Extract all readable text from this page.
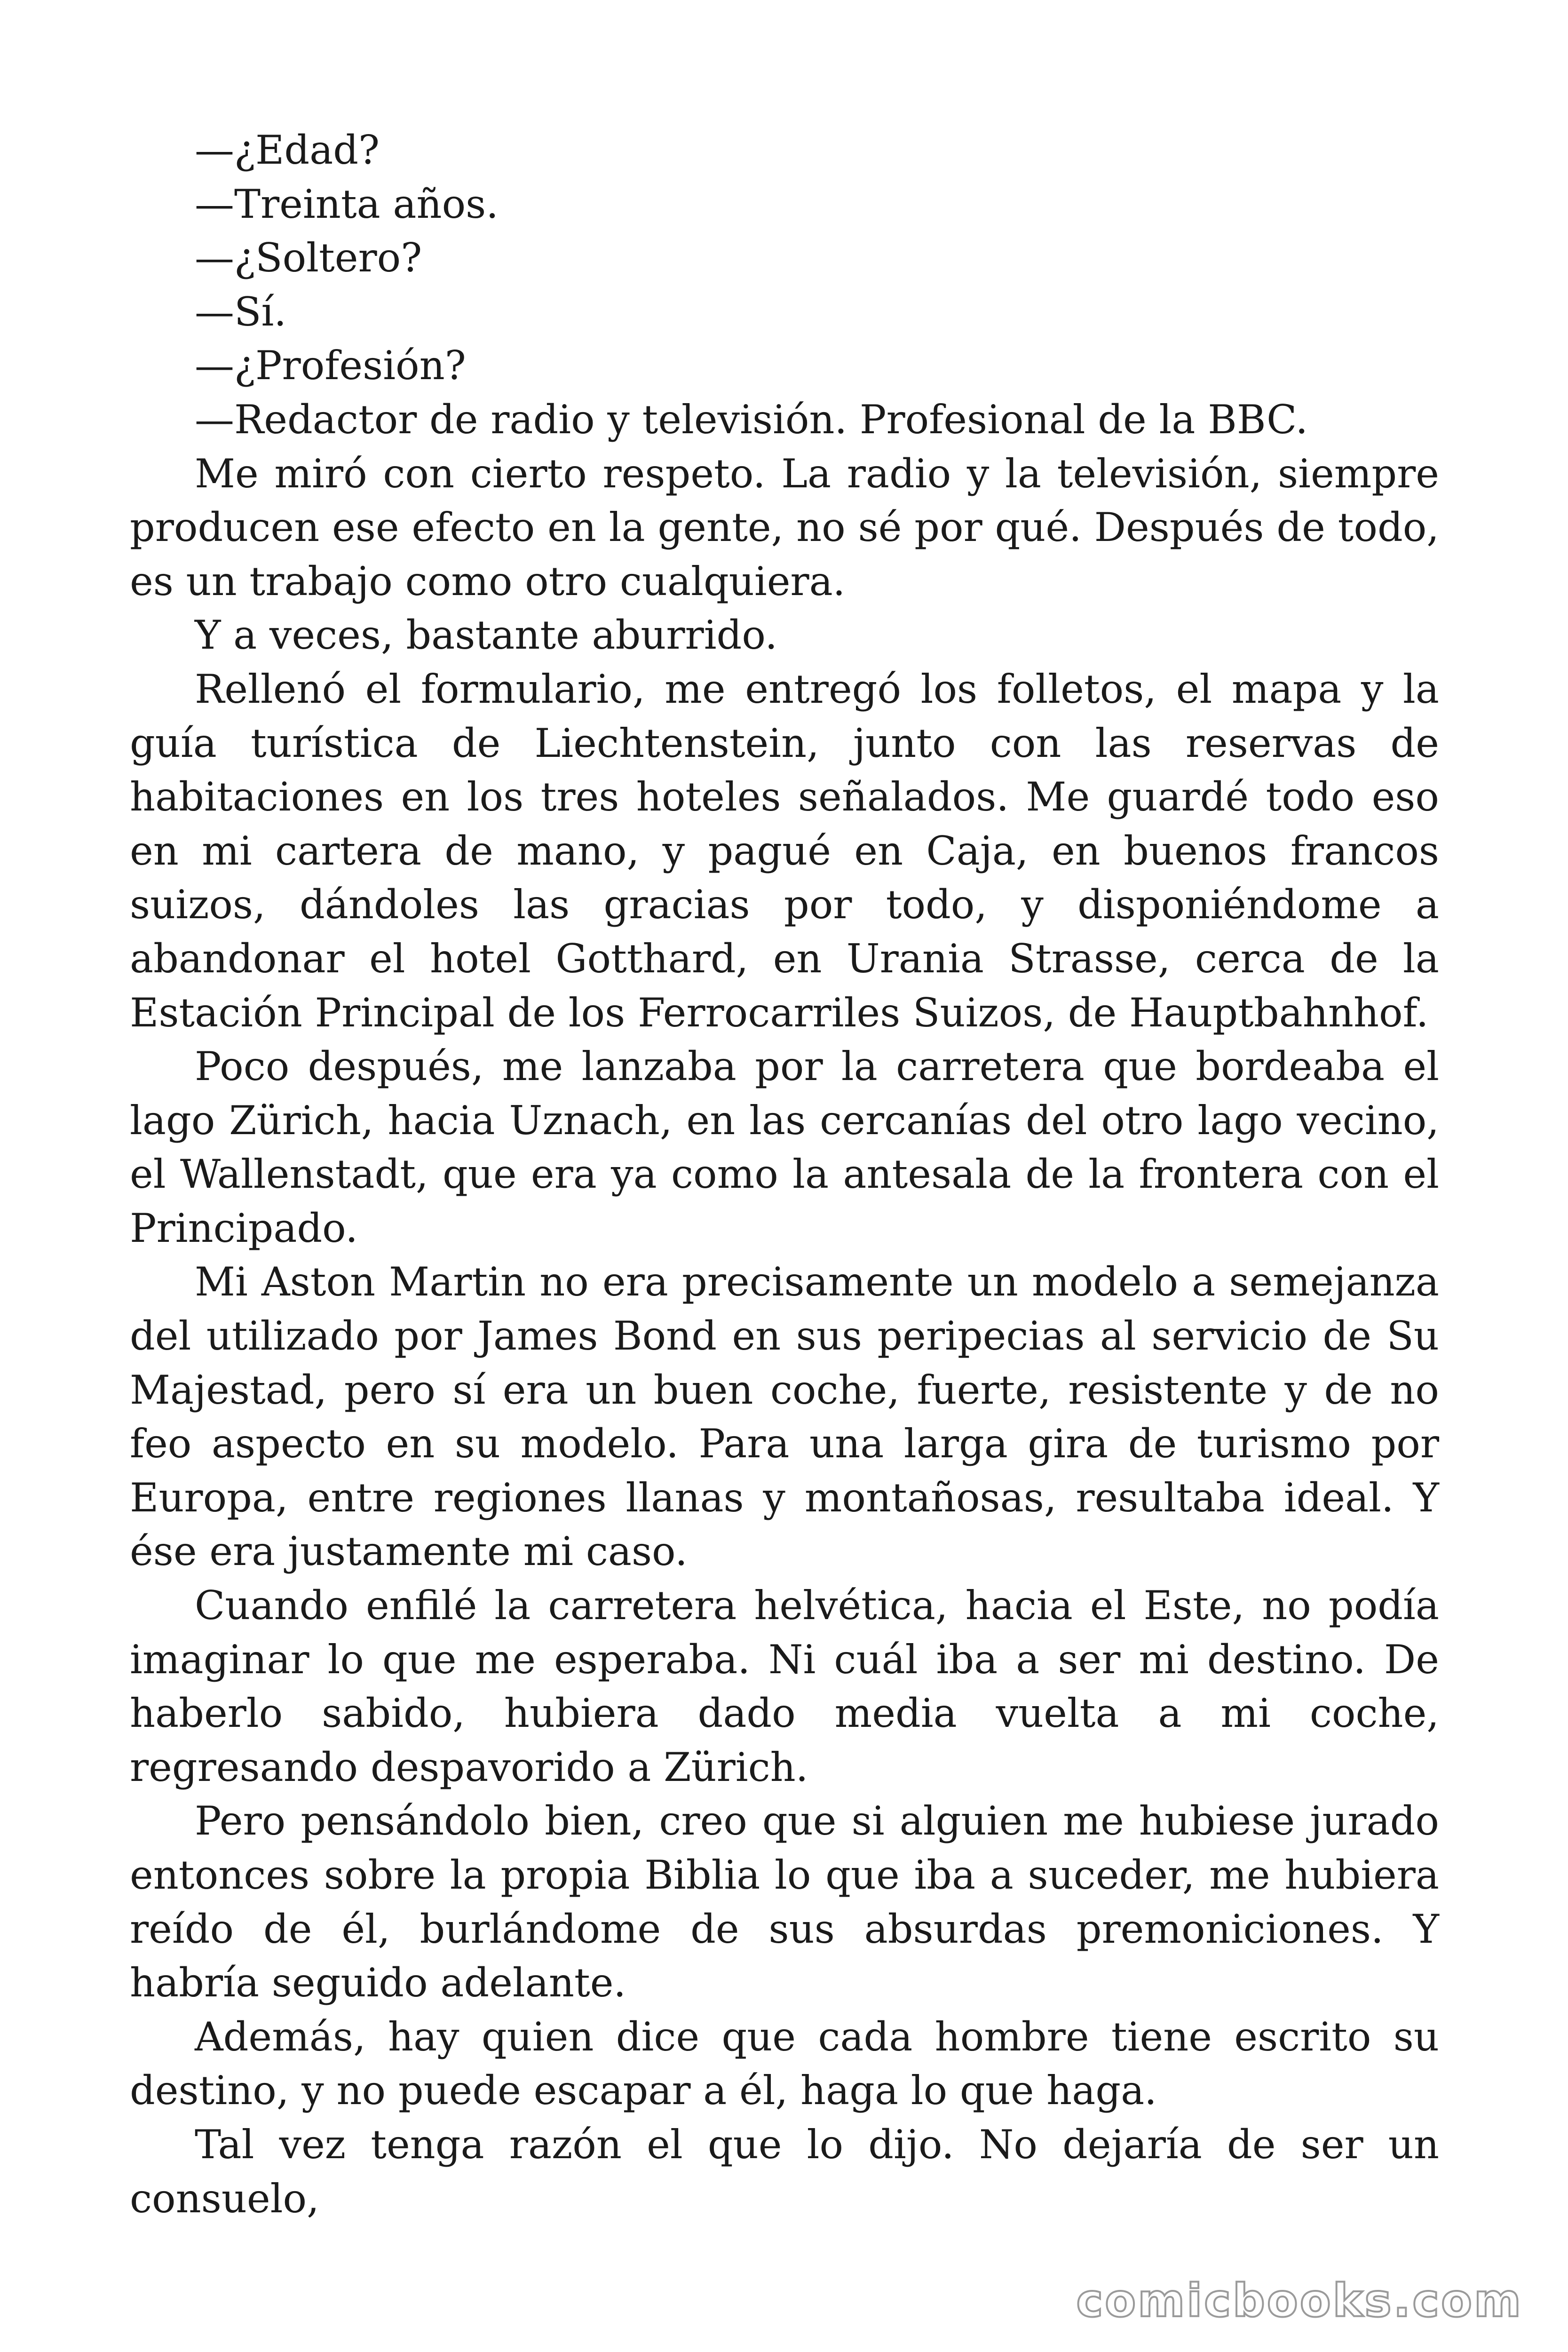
—¿Edad?

—Treinta años.

—¿Soltero?

—Sí.

—¿Profesión?

—Redactor de radio y televisión. Profesional de la BBC.

Me miró con cierto respeto. La radio y la televisión, siempre producen ese efecto en la gente, no sé por qué. Después de todo, es un trabajo como otro cualquiera.

Y a veces, bastante aburrido.

Rellenó el formulario, me entregó los folletos, el mapa y la guía turística de Liechtenstein, junto con las reservas de habitaciones en los tres hoteles señalados. Me guardé todo eso en mi cartera de mano, y pagué en Caja, en buenos francos suizos, dándoles las gracias por todo, y disponiéndome a abandonar el hotel Gotthard, en Urania Strasse, cerca de la Estación Principal de los Ferrocarriles Suizos, de Hauptbahnhof.

Poco después, me lanzaba por la carretera que bordeaba el lago Zürich, hacia Uznach, en las cercanías del otro lago vecino, el Wallenstadt, que era ya como la antesala de la frontera con el Principado.

Mi Aston Martin no era precisamente un modelo a semejanza del utilizado por James Bond en sus peripecias al servicio de Su Majestad, pero sí era un buen coche, fuerte, resistente y de no feo aspecto en su modelo. Para una larga gira de turismo por Europa, entre regiones llanas y montañosas, resultaba ideal. Y ése era justamente mi caso.

Cuando enfilé la carretera helvética, hacia el Este, no podía imaginar lo que me esperaba. Ni cuál iba a ser mi destino. De haberlo sabido, hubiera dado media vuelta a mi coche, regresando despavorido a Zürich.

Pero pensándolo bien, creo que si alguien me hubiese jurado entonces sobre la propia Biblia lo que iba a suceder, me hubiera reído de él, burlándome de sus absurdas premoniciones. Y habría seguido adelante.

Además, hay quien dice que cada hombre tiene escrito su destino, y no puede escapar a él, haga lo que haga.

Tal vez tenga razón el que lo dijo. No dejaría de ser un consuelo,

comicbooks.com
